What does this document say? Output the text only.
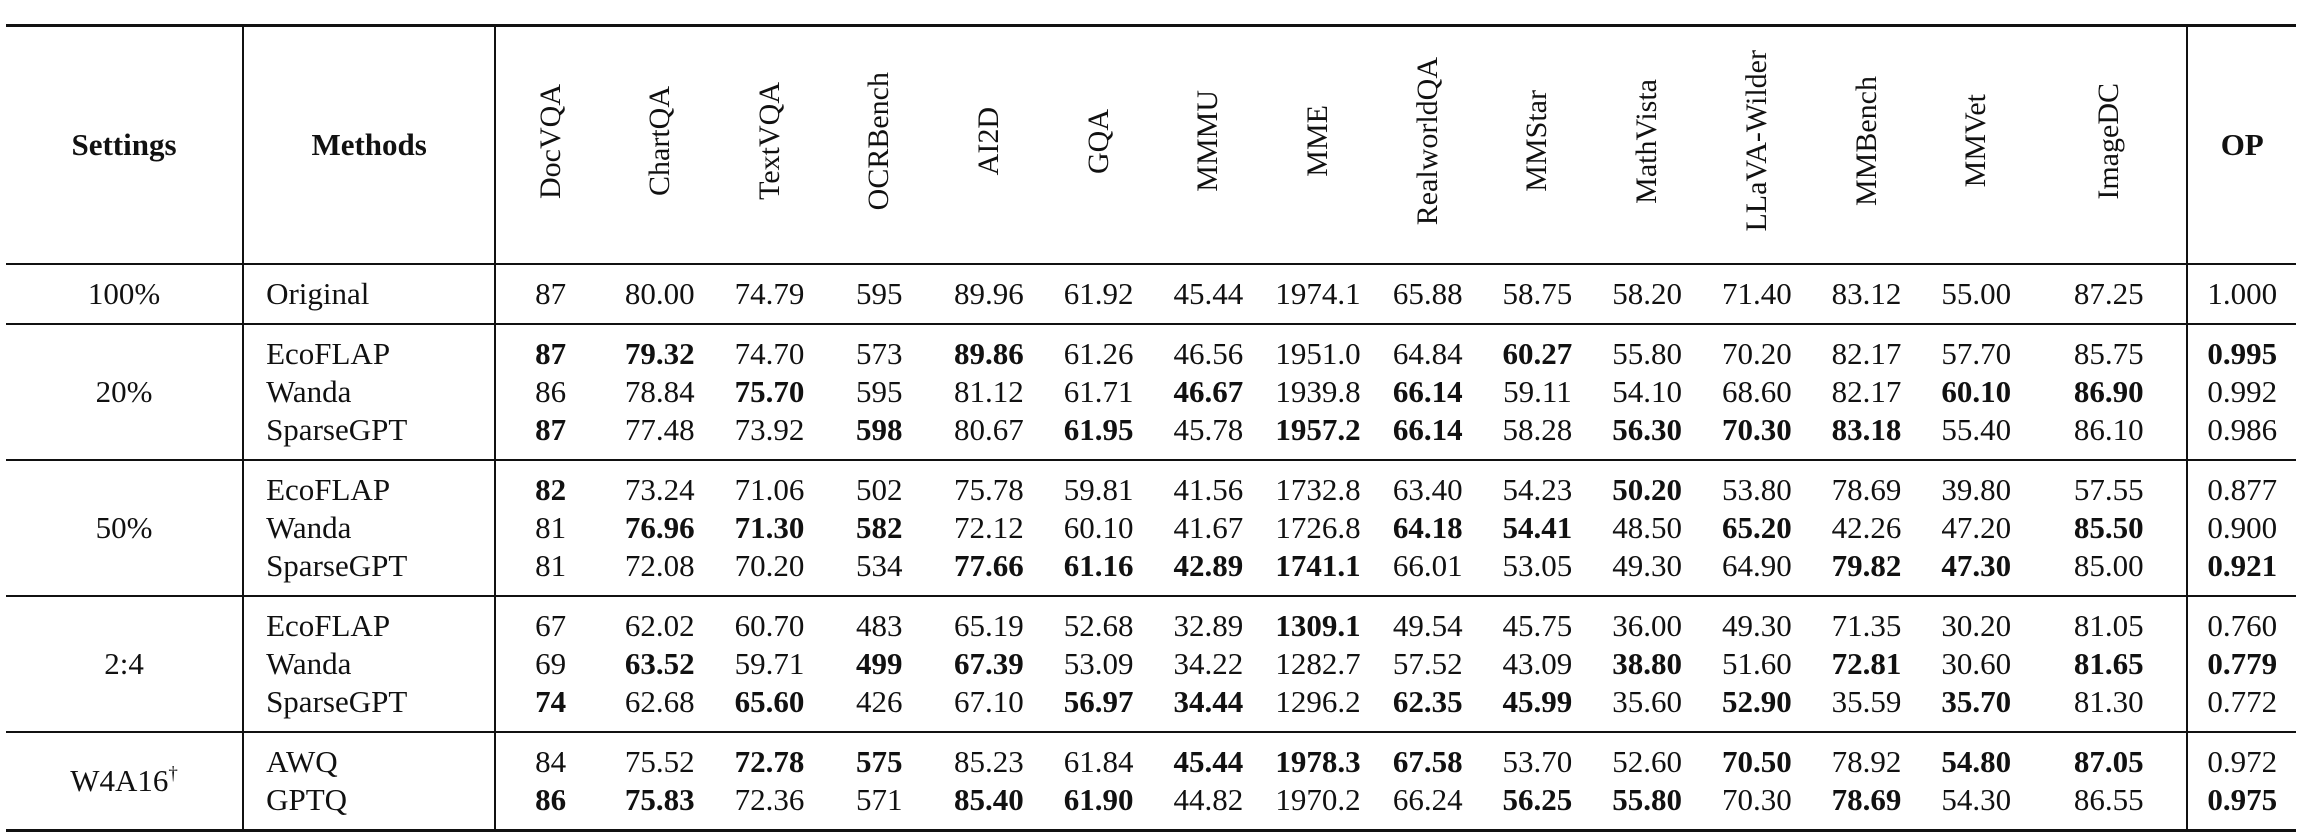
Settings	Methods	DocVQA	ChartQA	TextVQA	OCRBench	AI2D	GQA	MMMU	MME	RealworldQA	MMStar	MathVista	LLaVA-Wilder	MMBench	MMVet	ImageDC	OP
100%	Original	87	80.00	74.79	595	89.96	61.92	45.44	1974.1	65.88	58.75	58.20	71.40	83.12	55.00	87.25	1.000
20%	EcoFLAP	87	79.32	74.70	573	89.86	61.26	46.56	1951.0	64.84	60.27	55.80	70.20	82.17	57.70	85.75	0.995
	Wanda	86	78.84	75.70	595	81.12	61.71	46.67	1939.8	66.14	59.11	54.10	68.60	82.17	60.10	86.90	0.992
	SparseGPT	87	77.48	73.92	598	80.67	61.95	45.78	1957.2	66.14	58.28	56.30	70.30	83.18	55.40	86.10	0.986
50%	EcoFLAP	82	73.24	71.06	502	75.78	59.81	41.56	1732.8	63.40	54.23	50.20	53.80	78.69	39.80	57.55	0.877
	Wanda	81	76.96	71.30	582	72.12	60.10	41.67	1726.8	64.18	54.41	48.50	65.20	42.26	47.20	85.50	0.900
	SparseGPT	81	72.08	70.20	534	77.66	61.16	42.89	1741.1	66.01	53.05	49.30	64.90	79.82	47.30	85.00	0.921
2:4	EcoFLAP	67	62.02	60.70	483	65.19	52.68	32.89	1309.1	49.54	45.75	36.00	49.30	71.35	30.20	81.05	0.760
	Wanda	69	63.52	59.71	499	67.39	53.09	34.22	1282.7	57.52	43.09	38.80	51.60	72.81	30.60	81.65	0.779
	SparseGPT	74	62.68	65.60	426	67.10	56.97	34.44	1296.2	62.35	45.99	35.60	52.90	35.59	35.70	81.30	0.772
W4A16†	AWQ	84	75.52	72.78	575	85.23	61.84	45.44	1978.3	67.58	53.70	52.60	70.50	78.92	54.80	87.05	0.972
	GPTQ	86	75.83	72.36	571	85.40	61.90	44.82	1970.2	66.24	56.25	55.80	70.30	78.69	54.30	86.55	0.975
